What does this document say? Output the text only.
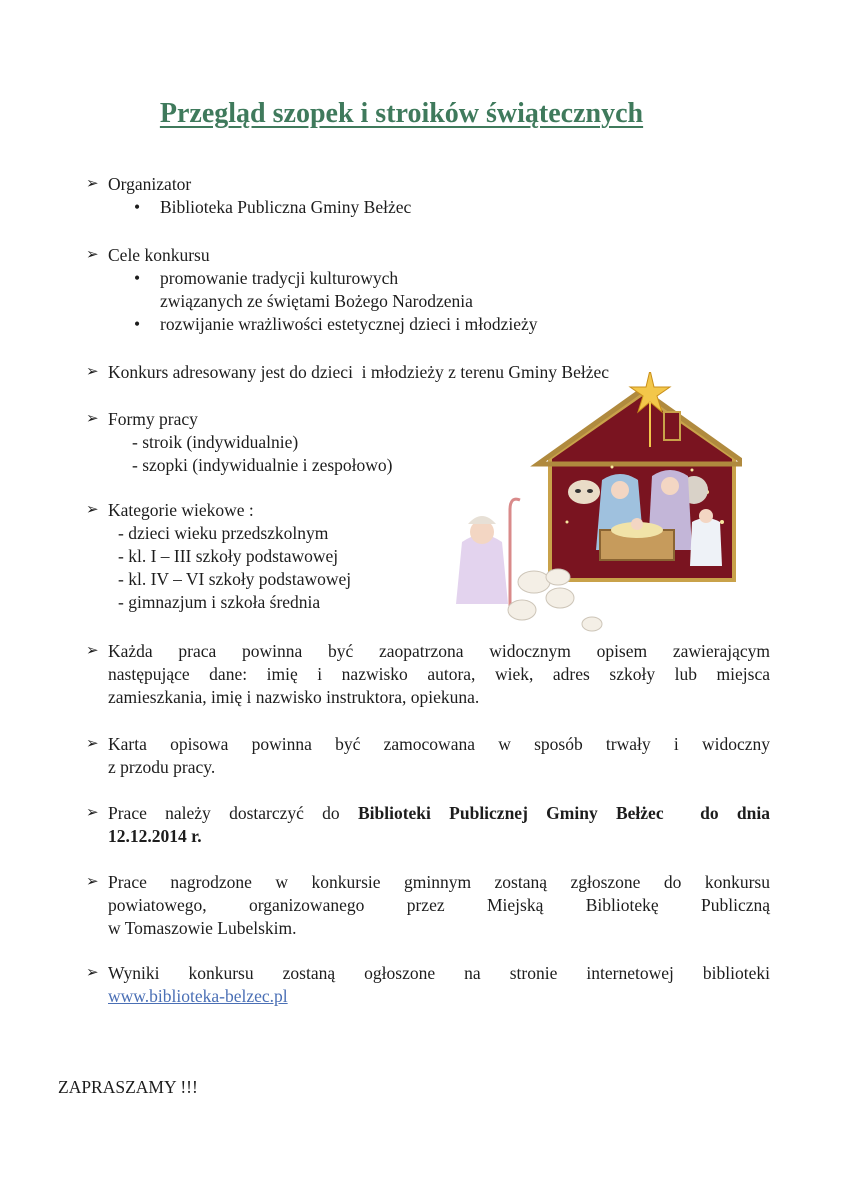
Przegląd szopek i stroików świątecznych
➢ Organizator
• Biblioteka Publiczna Gminy Bełżec
➢ Cele konkursu
• promowanie tradycji kulturowych
związanych ze świętami Bożego Narodzenia
• rozwijanie wrażliwości estetycznej dzieci i młodzieży
➢ Konkurs adresowany jest do dzieci  i młodzieży z terenu Gminy Bełżec
➢ Formy pracy
- stroik (indywidualnie)
- szopki (indywidualnie i zespołowo)
➢ Kategorie wiekowe :
- dzieci wieku przedszkolnym
- kl. I – III szkoły podstawowej
- kl. IV – VI szkoły podstawowej
- gimnazjum i szkoła średnia
➢ Każda praca powinna być zaopatrzona widocznym opisem zawierającym
następujące dane: imię i nazwisko autora, wiek, adres szkoły lub miejsca
zamieszkania, imię i nazwisko instruktora, opiekuna.
➢ Karta opisowa powinna być zamocowana w sposób trwały i widoczny
z przodu pracy.
➢ Prace należy dostarczyć do Biblioteki Publicznej Gminy Bełżec  do dnia
12.12.2014 r.
➢ Prace nagrodzone w konkursie gminnym zostaną zgłoszone do konkursu
powiatowego, organizowanego przez Miejską Bibliotekę Publiczną
w Tomaszowie Lubelskim.
➢ Wyniki konkursu zostaną ogłoszone na stronie internetowej biblioteki
www.biblioteka-belzec.pl
ZAPRASZAMY !!!
